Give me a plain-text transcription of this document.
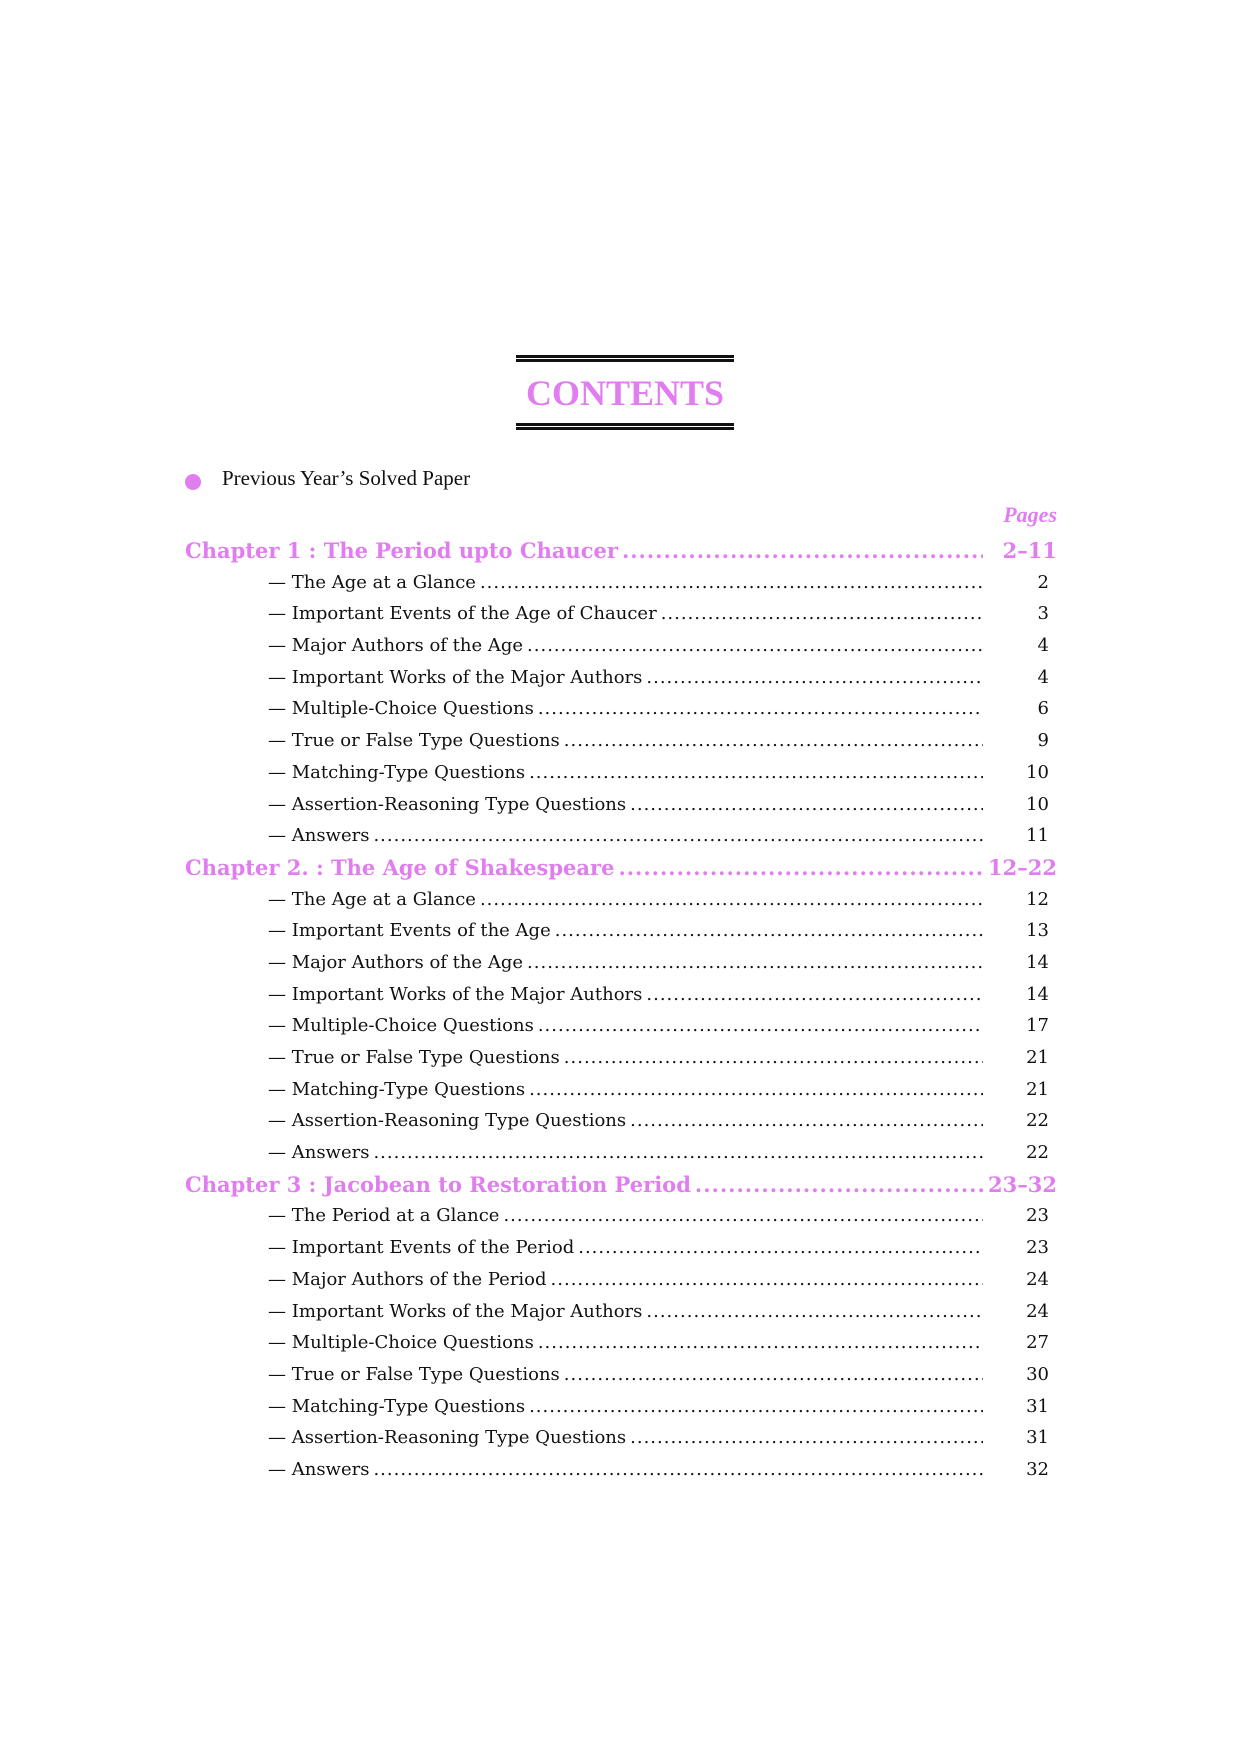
CONTENTS
Previous Year’s Solved Paper
Pages
Chapter 1 : The Period upto Chaucer .....	2–11
— The Age at a Glance .....	2
— Important Events of the Age of Chaucer .....	3
— Major Authors of the Age .....	4
— Important Works of the Major Authors .....	4
— Multiple-Choice Questions .....	6
— True or False Type Questions .....	9
— Matching-Type Questions .....	10
— Assertion-Reasoning Type Questions .....	10
— Answers .....	11
Chapter 2. : The Age of Shakespeare .....	12–22
— The Age at a Glance .....	12
— Important Events of the Age .....	13
— Major Authors of the Age .....	14
— Important Works of the Major Authors .....	14
— Multiple-Choice Questions .....	17
— True or False Type Questions .....	21
— Matching-Type Questions .....	21
— Assertion-Reasoning Type Questions .....	22
— Answers .....	22
Chapter 3 : Jacobean to Restoration Period .....	23–32
— The Period at a Glance .....	23
— Important Events of the Period .....	23
— Major Authors of the Period .....	24
— Important Works of the Major Authors .....	24
— Multiple-Choice Questions .....	27
— True or False Type Questions .....	30
— Matching-Type Questions .....	31
— Assertion-Reasoning Type Questions .....	31
— Answers .....	32
